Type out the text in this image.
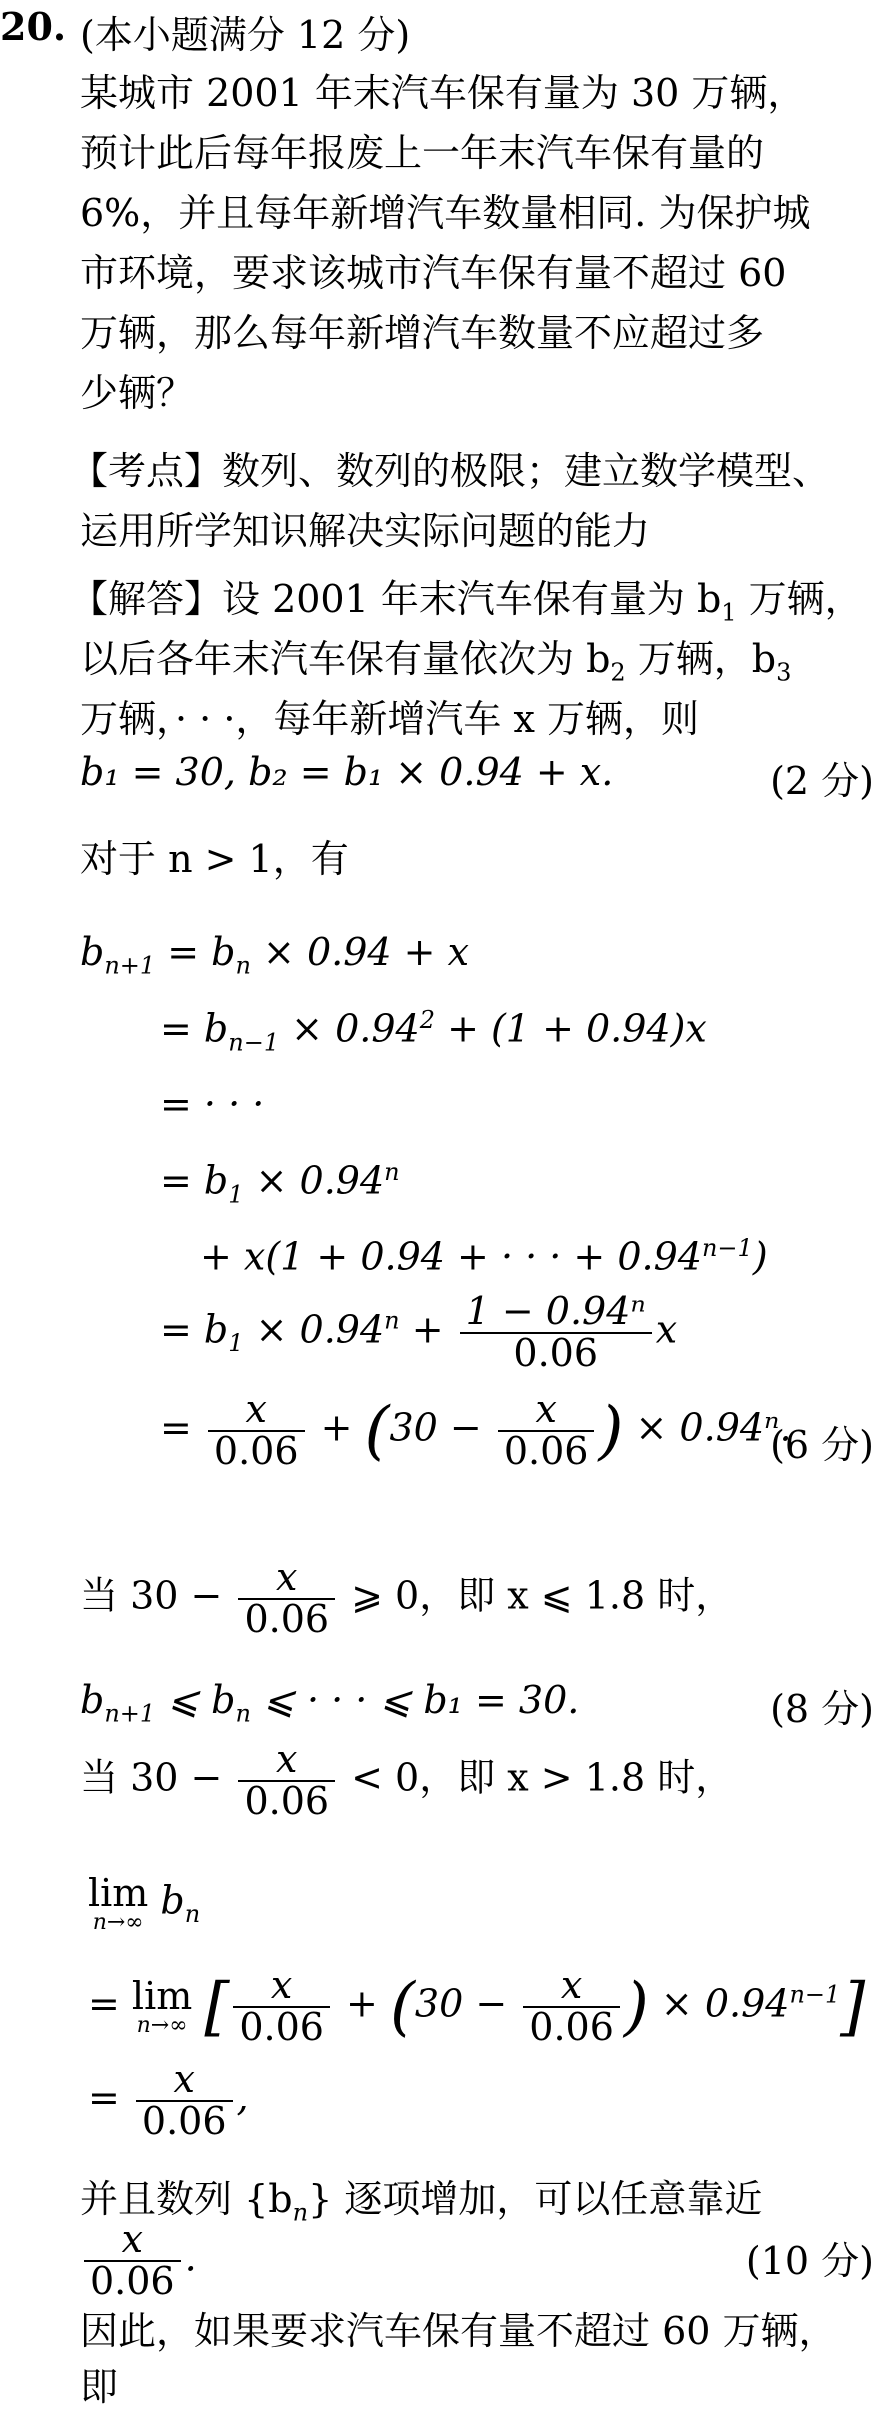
20. (本小题满分 12 分)
某城市 2001 年末汽车保有量为 30 万辆，
预计此后每年报废上一年末汽车保有量的
6%，并且每年新增汽车数量相同. 为保护城
市环境，要求该城市汽车保有量不超过 60
万辆，那么每年新增汽车数量不应超过多
少辆？
【考点】数列、数列的极限；建立数学模型、
运用所学知识解决实际问题的能力
【解答】设 2001 年末汽车保有量为 $b_1$ 万辆，
以后各年末汽车保有量依次为 $b_2$ 万辆，$b_3$
万辆，· · ·，每年新增汽车 x 万辆，则
b₁ = 30, b₂ = b₁ × 0.94 + x.	(2 分)
对于 n > 1，有
$b_{n+1} = b_n \times 0.94 + x$
= $b_{n-1} \times 0.94^2 + (1 + 0.94)x$
= · · ·
= $b_1 \times 0.94^n$
+ x(1 + 0.94 + · · · + $0.94^{n-1}$)
= $b_1 \times 0.94^n + \frac{\text{1 − 0.94ⁿ}}{0.06}$ x
= $\frac{x}{0.06} + (30 - \frac{x}{0.06}$ ) × 0.94ⁿ.
(6 分)
当 $30 - \frac{x}{0.06}$ ⩾ 0，即 x ⩽ 1.8 时，
$b_{n+1}$ ⩽ $b_n$ ⩽ · · · ⩽ b₁ = 30.	(8 分)
当 $30 - \frac{x}{0.06} < 0$，即 x > 1.8 时，
lim
n→∞ $b_n$
= lim
n→∞ [ $\frac{x}{0.06} + (30 - \frac{x}{0.06}$ ) × $0.94^{n-1}$]
= $\frac{x}{0.06}$ ,
并且数列 $\{b_n\}$ 逐项增加，可以任意靠近
$\frac{x}{0.06}$ .	(10 分)
因此，如果要求汽车保有量不超过 60 万辆，
即
